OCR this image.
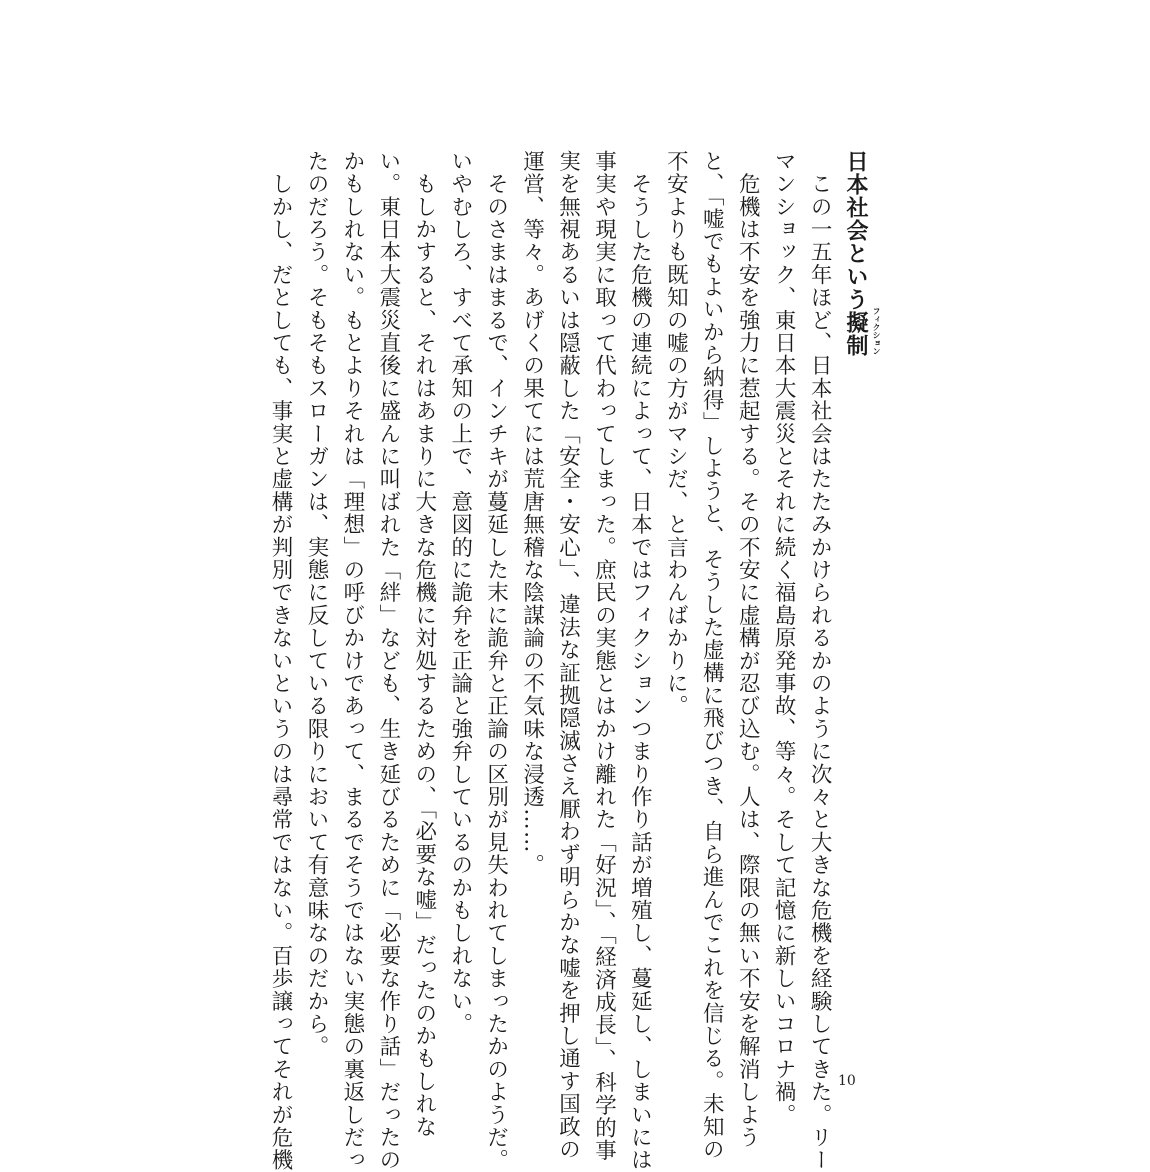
日本社会という擬制 フィクション
　この一五年ほど、日本社会はたたみかけられるかのように次々と大きな危機を経験してきた。リー
マンショック、東日本大震災とそれに続く福島原発事故、等々。そして記憶に新しいコロナ禍。
　危機は不安を強力に惹起する。その不安に虚構が忍び込む。人は、際限の無い不安を解消しよう
と、「嘘でもよいから納得」しようと、そうした虚構に飛びつき、自ら進んでこれを信じる。未知の
不安よりも既知の嘘の方がマシだ、と言わんばかりに。
　そうした危機の連続によって、日本ではフィクションつまり作り話が増殖し、蔓延し、しまいには
事実や現実に取って代わってしまった。庶民の実態とはかけ離れた「好況」、「経済成長」、科学的事
実を無視あるいは隠蔽した「安全・安心」、違法な証拠隠滅さえ厭わず明らかな嘘を押し通す国政の
運営、等々。あげくの果てには荒唐無稽な陰謀論の不気味な浸透……。
　そのさまはまるで、インチキが蔓延した末に詭弁と正論の区別が見失われてしまったかのようだ。
いやむしろ、すべて承知の上で、意図的に詭弁を正論と強弁しているのかもしれない。
　もしかすると、それはあまりに大きな危機に対処するための、「必要な嘘」だったのかもしれな
い。東日本大震災直後に盛んに叫ばれた「絆」なども、生き延びるために「必要な作り話」だったの
かもしれない。もとよりそれは「理想」の呼びかけであって、まるでそうではない実態の裏返しだっ
たのだろう。そもそもスローガンは、実態に反している限りにおいて有意味なのだから。
　しかし、だとしても、事実と虚構が判別できないというのは尋常ではない。百歩譲ってそれが危機	10
